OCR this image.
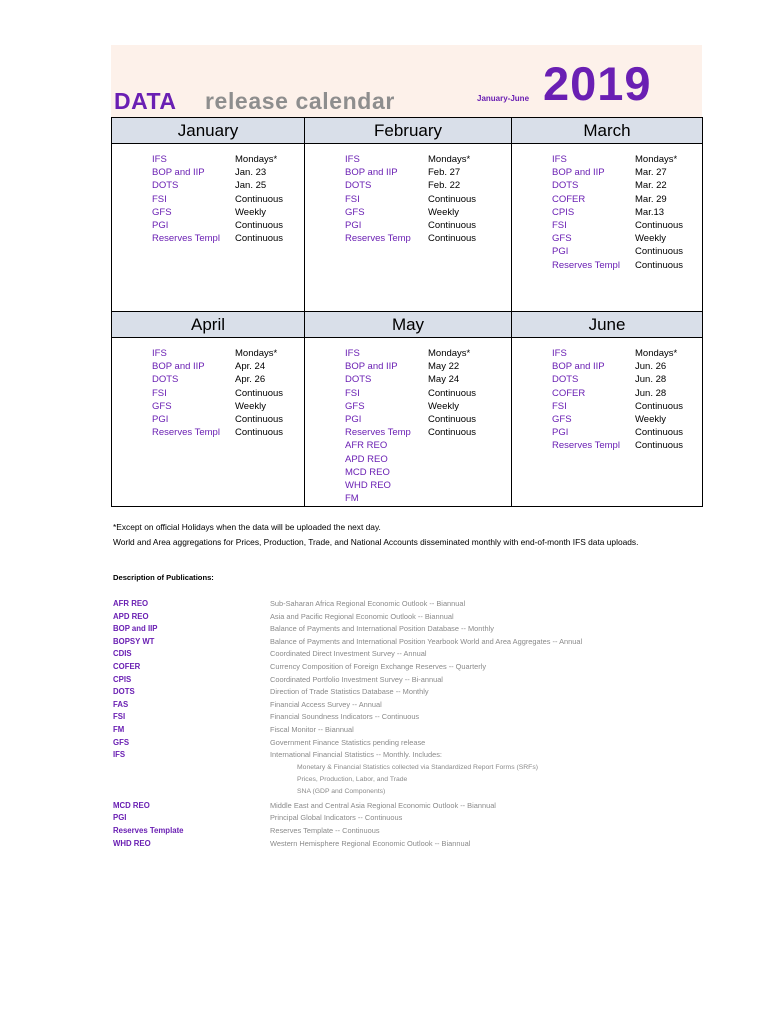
DATA release calendar	January-June 2019
January
IFS	Mondays*
BOP and IIP	Jan. 23
DOTS	Jan. 25
FSI	Continuous
GFS	Weekly
PGI	Continuous
Reserves Templ	Continuous
February
IFS	Mondays*
BOP and IIP	Feb. 27
DOTS	Feb. 22
FSI	Continuous
GFS	Weekly
PGI	Continuous
Reserves Temp	Continuous
March
IFS	Mondays*
BOP and IIP	Mar. 27
DOTS	Mar. 22
COFER	Mar. 29
CPIS	Mar.13
FSI	Continuous
GFS	Weekly
PGI	Continuous
Reserves Templ	Continuous
April
IFS	Mondays*
BOP and IIP	Apr. 24
DOTS	Apr. 26
FSI	Continuous
GFS	Weekly
PGI	Continuous
Reserves Templ	Continuous
May
IFS	Mondays*
BOP and IIP	May 22
DOTS	May 24
FSI	Continuous
GFS	Weekly
PGI	Continuous
Reserves Temp	Continuous
AFR REO
APD REO
MCD REO
WHD REO
FM
June
IFS	Mondays*
BOP and IIP	Jun. 26
DOTS	Jun. 28
COFER	Jun. 28
FSI	Continuous
GFS	Weekly
PGI	Continuous
Reserves Templ	Continuous
*Except on official Holidays when the data will be uploaded the next day.
World and Area aggregations for Prices, Production, Trade, and National Accounts disseminated monthly with end-of-month IFS data uploads.
Description of Publications:
AFR REO	Sub-Saharan Africa Regional Economic Outlook -- Biannual
APD REO	Asia and Pacific Regional Economic Outlook -- Biannual
BOP and IIP	Balance of Payments and International Position Database -- Monthly
BOPSY WT	Balance of Payments and International Position Yearbook World and Area Aggregates -- Annual
CDIS	Coordinated Direct Investment Survey -- Annual
COFER	Currency Composition of Foreign Exchange Reserves -- Quarterly
CPIS	Coordinated Portfolio Investment Survey -- Bi-annual
DOTS	Direction of Trade Statistics Database -- Monthly
FAS	Financial Access Survey -- Annual
FSI	Financial Soundness Indicators -- Continuous
FM	Fiscal Monitor -- Biannual
GFS	Government Finance Statistics pending release
IFS	International Financial Statistics -- Monthly. Includes:
Monetary & Financial Statistics collected via Standardized Report Forms (SRFs)
Prices, Production, Labor, and Trade
SNA (GDP and Components)
MCD REO	Middle East and Central Asia Regional Economic Outlook -- Biannual
PGI	Principal Global Indicators -- Continuous
Reserves Template	Reserves Template -- Continuous
WHD REO	Western Hemisphere Regional Economic Outlook -- Biannual
